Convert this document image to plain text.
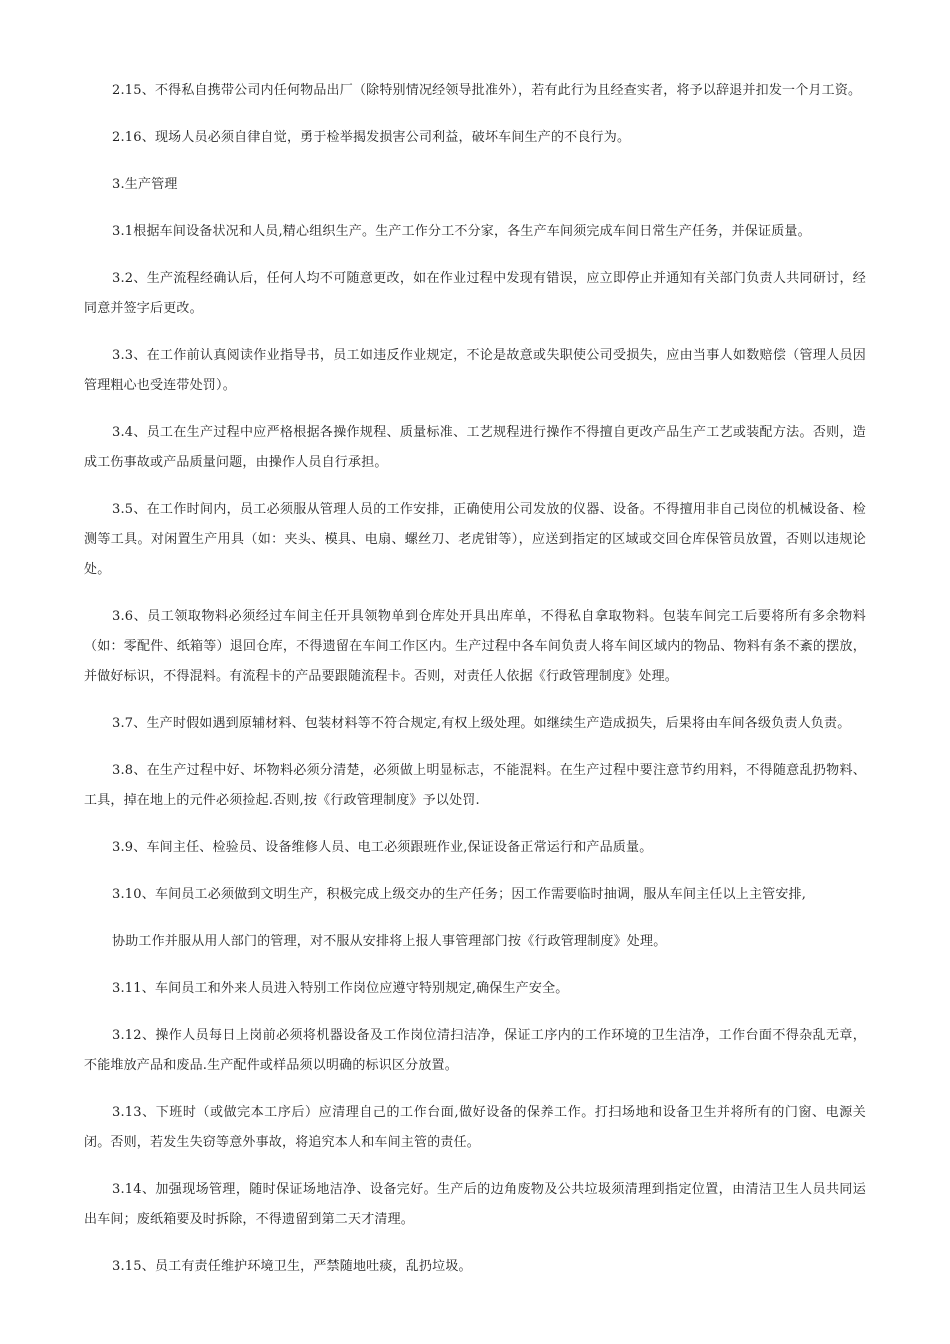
2.15、不得私自携带公司内任何物品出厂（除特别情况经领导批准外），若有此行为且经查实者，将予以辞退并扣发一个月工资。

2.16、现场人员必须自律自觉，勇于检举揭发损害公司利益，破坏车间生产的不良行为。

3.生产管理

3.1根据车间设备状况和人员,精心组织生产。生产工作分工不分家，各生产车间须完成车间日常生产任务，并保证质量。

3.2、生产流程经确认后，任何人均不可随意更改，如在作业过程中发现有错误，应立即停止并通知有关部门负责人共同研讨，经同意并签字后更改。

3.3、在工作前认真阅读作业指导书，员工如违反作业规定，不论是故意或失职使公司受损失，应由当事人如数赔偿（管理人员因管理粗心也受连带处罚）。

3.4、员工在生产过程中应严格根据各操作规程、质量标准、工艺规程进行操作不得擅自更改产品生产工艺或装配方法。否则，造成工伤事故或产品质量问题，由操作人员自行承担。

3.5、在工作时间内，员工必须服从管理人员的工作安排，正确使用公司发放的仪器、设备。不得擅用非自己岗位的机械设备、检测等工具。对闲置生产用具（如：夹头、模具、电扇、螺丝刀、老虎钳等），应送到指定的区域或交回仓库保管员放置，否则以违规论处。

3.6、员工领取物料必须经过车间主任开具领物单到仓库处开具出库单，不得私自拿取物料。包装车间完工后要将所有多余物料（如：零配件、纸箱等）退回仓库，不得遗留在车间工作区内。生产过程中各车间负责人将车间区域内的物品、物料有条不紊的摆放，并做好标识，不得混料。有流程卡的产品要跟随流程卡。否则，对责任人依据《行政管理制度》处理。

3.7、生产时假如遇到原辅材料、包装材料等不符合规定,有权上级处理。如继续生产造成损失，后果将由车间各级负责人负责。

3.8、在生产过程中好、坏物料必须分清楚，必须做上明显标志，不能混料。在生产过程中要注意节约用料，不得随意乱扔物料、工具，掉在地上的元件必须捡起.否则,按《行政管理制度》予以处罚.

3.9、车间主任、检验员、设备维修人员、电工必须跟班作业,保证设备正常运行和产品质量。

3.10、车间员工必须做到文明生产，积极完成上级交办的生产任务；因工作需要临时抽调，服从车间主任以上主管安排,

协助工作并服从用人部门的管理，对不服从安排将上报人事管理部门按《行政管理制度》处理。

3.11、车间员工和外来人员进入特别工作岗位应遵守特别规定,确保生产安全。

3.12、操作人员每日上岗前必须将机器设备及工作岗位清扫洁净，保证工序内的工作环境的卫生洁净，工作台面不得杂乱无章，不能堆放产品和废品.生产配件或样品须以明确的标识区分放置。

3.13、下班时（或做完本工序后）应清理自己的工作台面,做好设备的保养工作。打扫场地和设备卫生并将所有的门窗、电源关闭。否则，若发生失窃等意外事故，将追究本人和车间主管的责任。

3.14、加强现场管理，随时保证场地洁净、设备完好。生产后的边角废物及公共垃圾须清理到指定位置，由清洁卫生人员共同运出车间；废纸箱要及时拆除，不得遗留到第二天才清理。

3.15、员工有责任维护环境卫生，严禁随地吐痰，乱扔垃圾。
